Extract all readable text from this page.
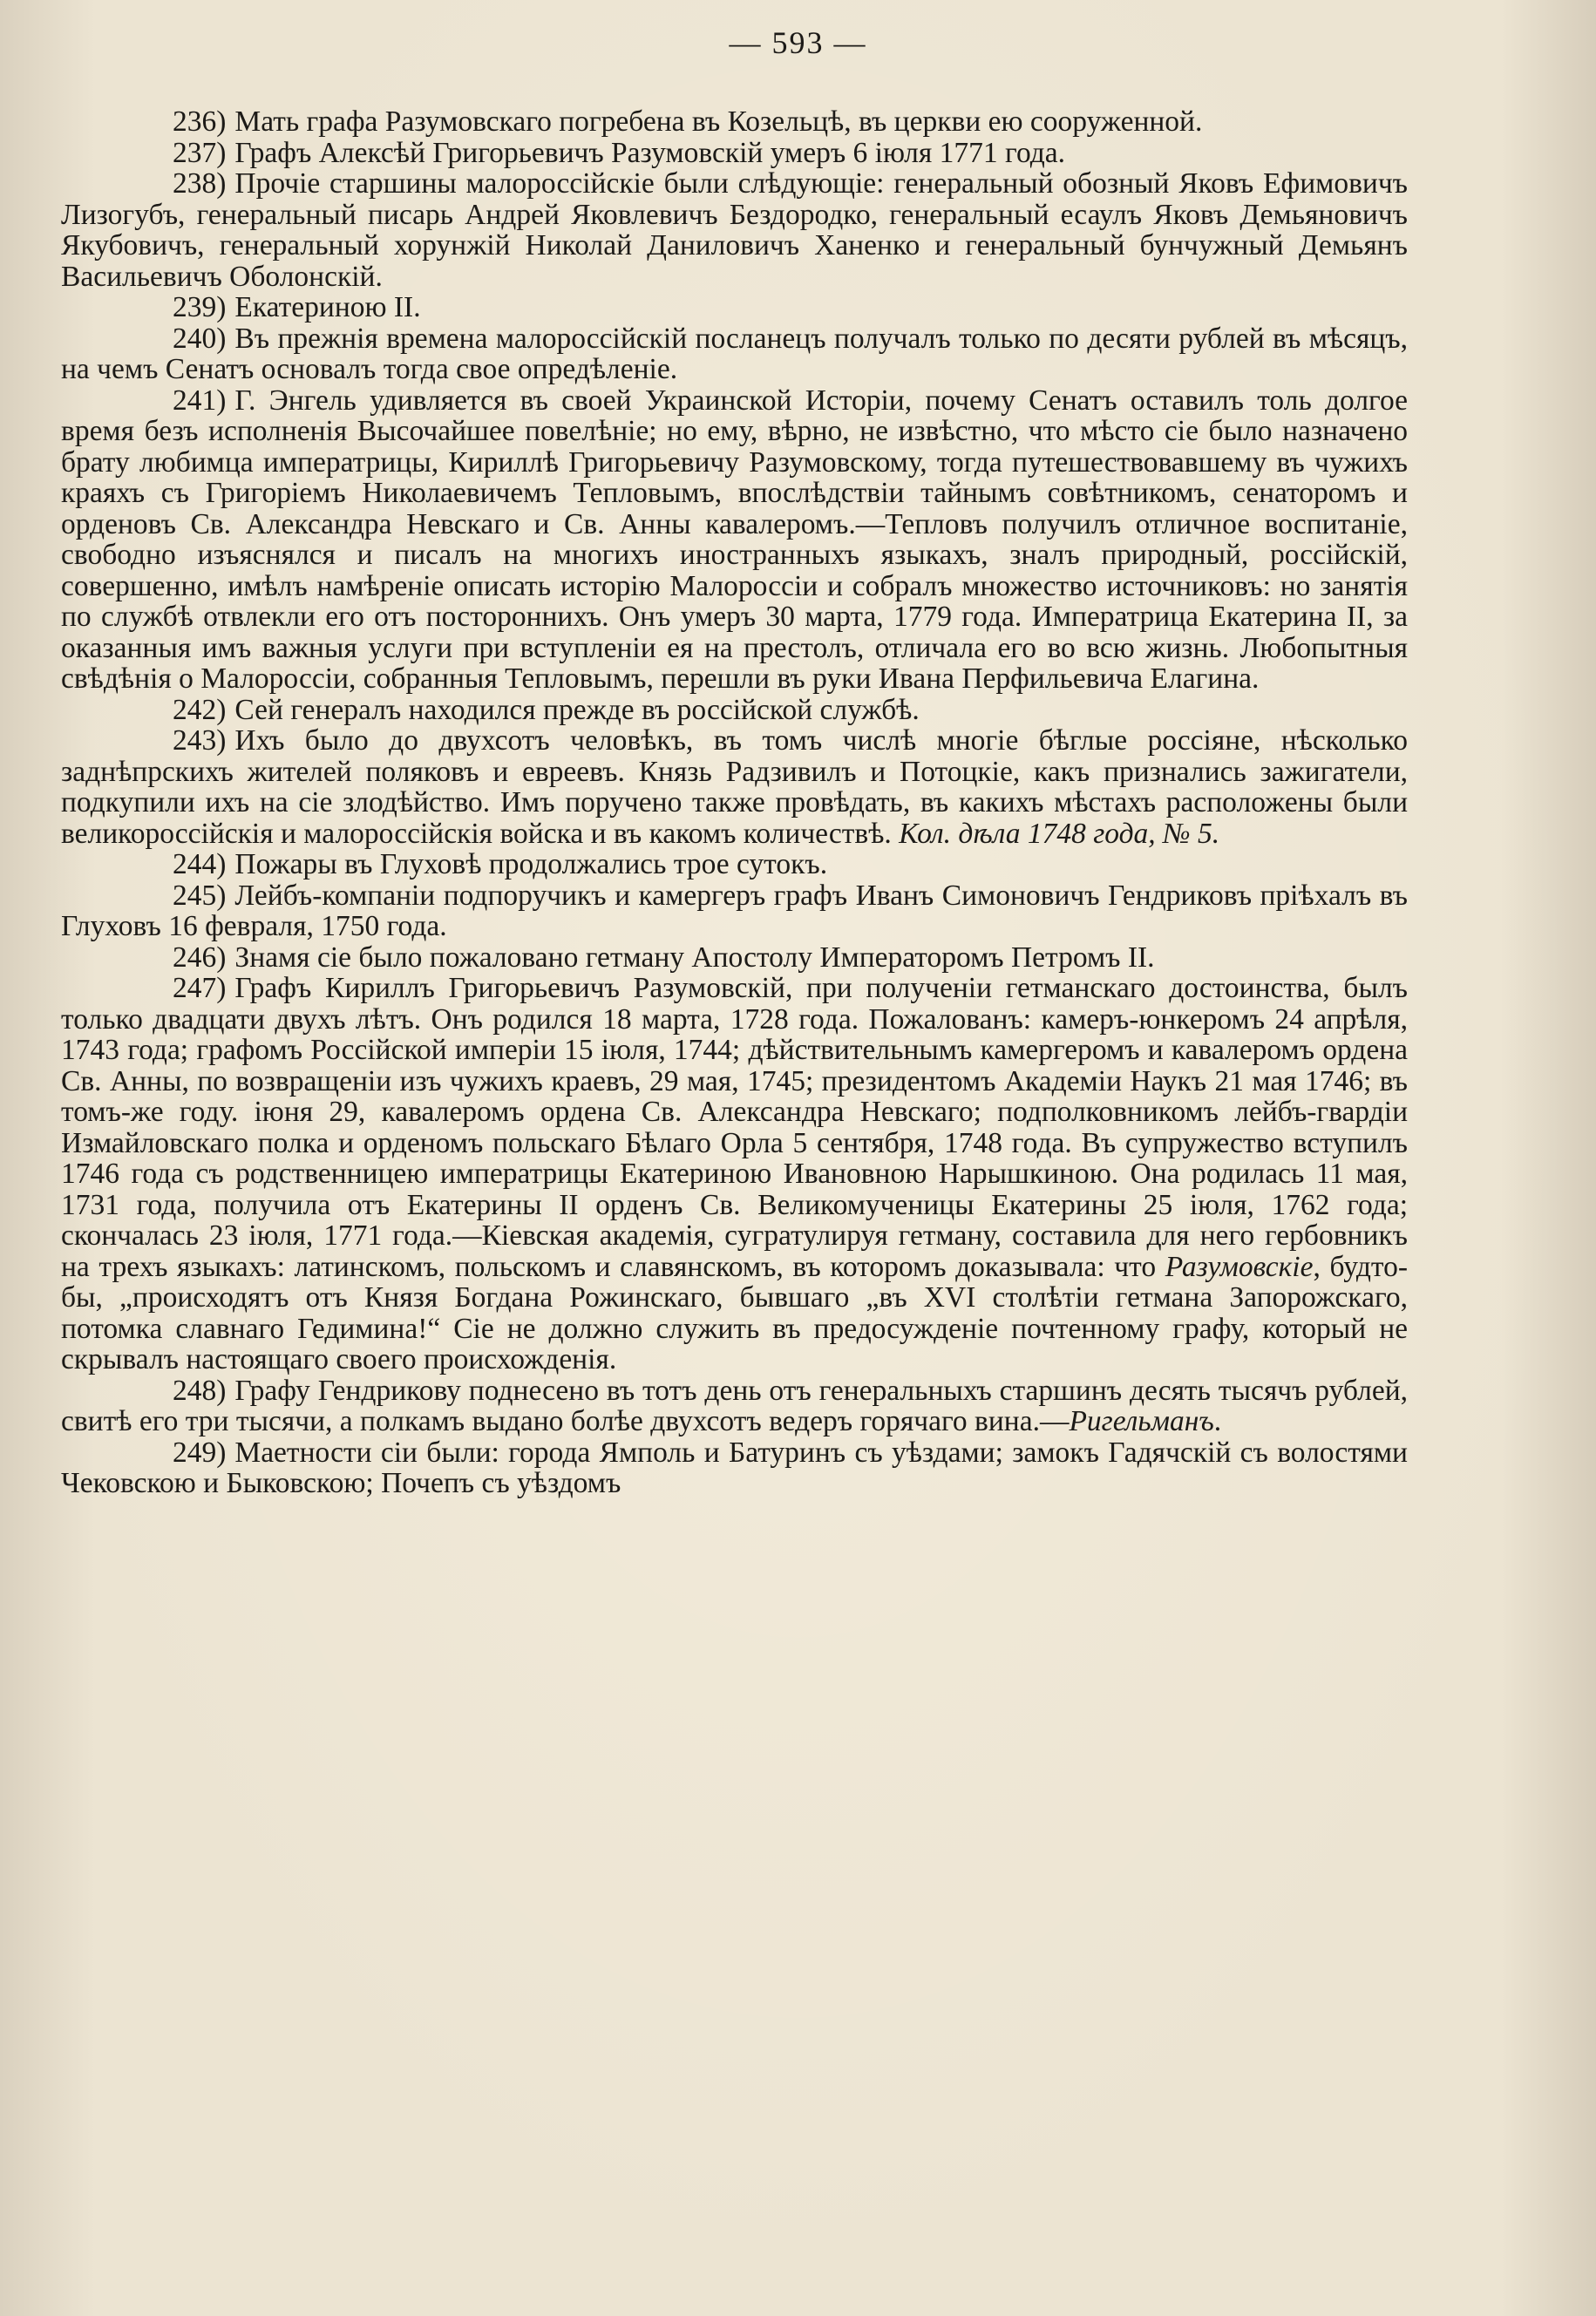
— 593 —

236) Мать графа Разумовскаго погребена въ Козельцѣ, въ церкви ею сооруженной.

237) Графъ Алексѣй Григорьевичъ Разумовскій умеръ 6 іюля 1771 года.

238) Прочіе старшины малороссійскіе были слѣдующіе: генеральный обозный Яковъ Ефимовичъ Лизогубъ, генеральный писарь Андрей Яковлевичъ Бездородко, генеральный есаулъ Яковъ Демьяновичъ Якубовичъ, генеральный хорунжій Николай Даниловичъ Ханенко и генеральный бунчужный Демьянъ Васильевичъ Оболонскій.

239) Екатериною II.

240) Въ прежнія времена малороссійскій посланецъ получалъ только по десяти рублей въ мѣсяцъ, на чемъ Сенатъ основалъ тогда свое опредѣленіе.

241) Г. Энгель удивляется въ своей Украинской Исторіи, почему Сенатъ оставилъ толь долгое время безъ исполненія Высочайшее повелѣніе; но ему, вѣрно, не извѣстно, что мѣсто сіе было назначено брату любимца императрицы, Кириллѣ Григорьевичу Разумовскому, тогда путешествовавшему въ чужихъ краяхъ съ Григоріемъ Николаевичемъ Тепловымъ, впослѣдствіи тайнымъ совѣтникомъ, сенаторомъ и орденовъ Св. Александра Невскаго и Св. Анны кавалеромъ.—Тепловъ получилъ отличное воспитаніе, свободно изъяснялся и писалъ на многихъ иностранныхъ языкахъ, зналъ природный, россійскій, совершенно, имѣлъ намѣреніе описать исторію Малороссіи и собралъ множество источниковъ: но занятія по службѣ отвлекли его отъ постороннихъ. Онъ умеръ 30 марта, 1779 года. Императрица Екатерина II, за оказанныя имъ важныя услуги при вступленіи ея на престолъ, отличала его во всю жизнь. Любопытныя свѣдѣнія о Малороссіи, собранныя Тепловымъ, перешли въ руки Ивана Перфильевича Елагина.

242) Сей генералъ находился прежде въ россійской службѣ.

243) Ихъ было до двухсотъ человѣкъ, въ томъ числѣ многіе бѣглые россіяне, нѣсколько заднѣпрскихъ жителей поляковъ и евреевъ. Князь Радзивилъ и Потоцкіе, какъ признались зажигатели, подкупили ихъ на сіе злодѣйство. Имъ поручено также провѣдать, въ какихъ мѣстахъ расположены были великороссійскія и малороссійскія войска и въ какомъ количествѣ. Кол. дѣла 1748 года, № 5.

244) Пожары въ Глуховѣ продолжались трое сутокъ.

245) Лейбъ-компаніи подпоручикъ и камергеръ графъ Иванъ Симоновичъ Гендриковъ пріѣхалъ въ Глуховъ 16 февраля, 1750 года.

246) Знамя сіе было пожаловано гетману Апостолу Императоромъ Петромъ II.

247) Графъ Кириллъ Григорьевичъ Разумовскій, при полученіи гетманскаго достоинства, былъ только двадцати двухъ лѣтъ. Онъ родился 18 марта, 1728 года. Пожалованъ: камеръ-юнкеромъ 24 апрѣля, 1743 года; графомъ Россійской имперіи 15 іюля, 1744; дѣйствительнымъ камергеромъ и кавалеромъ ордена Св. Анны, по возвращеніи изъ чужихъ краевъ, 29 мая, 1745; президентомъ Академіи Наукъ 21 мая 1746; въ томъ-же году. іюня 29, кавалеромъ ордена Св. Александра Невскаго; подполковникомъ лейбъ-гвардіи Измайловскаго полка и орденомъ польскаго Бѣлаго Орла 5 сентября, 1748 года. Въ супружество вступилъ 1746 года съ родственницею императрицы Екатериною Ивановною Нарышкиною. Она родилась 11 мая, 1731 года, получила отъ Екатерины II орденъ Св. Великомученицы Екатерины 25 іюля, 1762 года; скончалась 23 іюля, 1771 года.—Кіевская академія, сугратулируя гетману, составила для него гербовникъ на трехъ языкахъ: латинскомъ, польскомъ и славянскомъ, въ которомъ доказывала: что Разумовскіе, будто-бы, „происходятъ отъ Князя Богдана Рожинскаго, бывшаго „въ XVI столѣтіи гетмана Запорожскаго, потомка славнаго Гедимина!“ Сіе не должно служить въ предосужденіе почтенному графу, который не скрывалъ настоящаго своего происхожденія.

248) Графу Гендрикову поднесено въ тотъ день отъ генеральныхъ старшинъ десять тысячъ рублей, свитѣ его три тысячи, а полкамъ выдано болѣе двухсотъ ведеръ горячаго вина.—Ригельманъ.

249) Маетности сіи были: города Ямполь и Батуринъ съ уѣздами; замокъ Гадячскій съ волостями Чековскою и Быковскою; Почепъ съ уѣздомъ
